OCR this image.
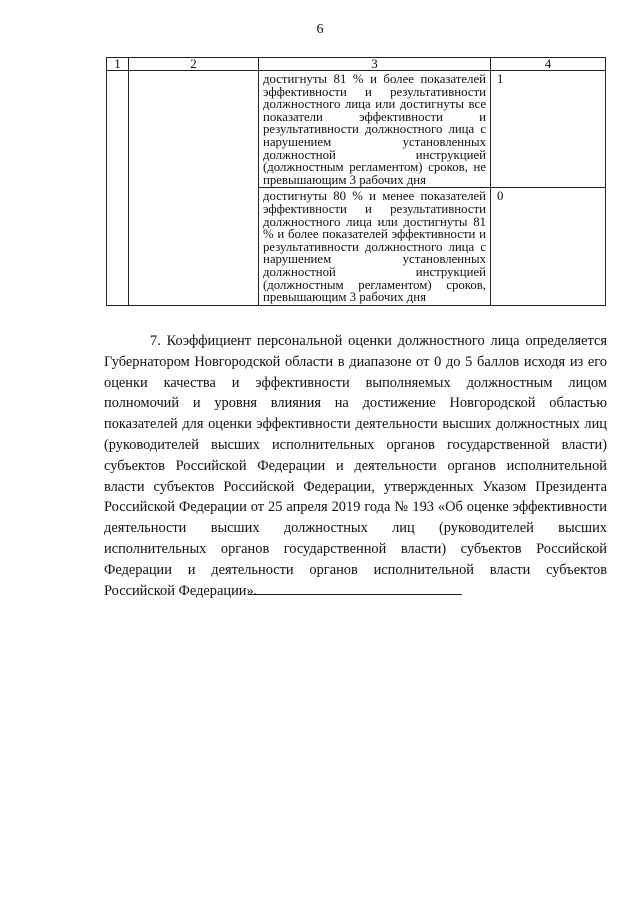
6
1	2	3	4
		достигнуты 81 % и более показателей эффективности и результативности должностного лица или достигнуты все показатели эффективности и результативности должностного лица с нарушением установленных должностной инструкцией (должностным регламентом) сроков, не превышающим 3 рабочих дня	1
		достигнуты 80 % и менее показателей эффективности и результативности должностного лица или достигнуты 81 % и более показателей эффективности и результативности должностного лица с нарушением установленных должностной инструкцией (должностным регламентом) сроков, превышающим 3 рабочих дня	0

7. Коэффициент персональной оценки должностного лица определяется Губернатором Новгородской области в диапазоне от 0 до 5 баллов исходя из его оценки качества и эффективности выполняемых должностным лицом полномочий и уровня влияния на достижение Новгородской областью показателей для оценки эффективности деятельности высших должностных лиц (руководителей высших исполнительных органов государственной власти) субъектов Российской Федерации и деятельности органов исполнительной власти субъектов Российской Федерации, утвержденных Указом Президента Российской Федерации от 25 апреля 2019 года № 193 «Об оценке эффективности деятельности высших должностных лиц (руководителей высших исполнительных органов государственной власти) субъектов Российской Федерации и деятельности органов исполнительной власти субъектов Российской Федерации».
